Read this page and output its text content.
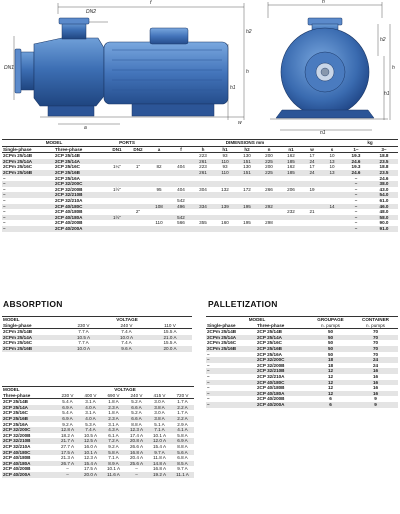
DN2
DN1
f
a
w
h1
h2
h
n
n1
h
h1
h2
MODEL		PORTS		DIMENSIONS mm									kg	
Single-phase	Three-phase	DN1	DN2	a	f	h	h1	h2	n	n1	w	s	1~	3~
2CPm 25/14B	2CP 25/14B					223	93	130	200	162	17	10	19.3	18.8
2CPm 25/14A	2CP 25/14A					261	110	151	225	185	24	13	24.6	23.5
2CPm 25/16C	2CP 25/16C	1¼"	1"	82	404	223	93	130	200	162	17	10	19.3	18.8
2CPm 25/16B	2CP 25/16B					261	110	151	225	185	24	13	24.6	23.5
–	2CP 25/16A												–	24.6
–	2CP 32/200C												–	38.0
–	2CP 32/200B	1½"		95	404	304	132	172	266	206	19		–	43.0
–	2CP 32/210B												–	54.0
–	2CP 32/210A				542								–	61.0
–	2CP 40/180C			108	496	334	139	195	292			14	–	46.0
–	2CP 40/180B		2"							232	21		–	48.0
–	2CP 40/180A	1½"			542								–	58.0
–	2CP 40/200B			110	566	355	160	195	298				–	90.0
–	2CP 40/200A												–	91.0
ABSORPTION
MODEL	VOLTAGE		
Single-phase	230 V	240 V	110 V
2CPm 25/14B	7.7 A	7.4 A	15.5 A
2CPm 25/14A	10.5 A	10.0 A	21.0 A
2CPm 25/16C	7.7 A	7.4 A	15.5 A
2CPm 25/16B	10.0 A	9.6 A	20.0 A
MODEL	VOLTAGE					
Three-phase	230 V	400 V	690 V	240 V	415 V	720 V
2CP 25/14B	5.4 A	3.1 A	1.8 A	5.2 A	3.0 A	1.7 A
2CP 25/14A	6.9 A	4.0 A	2.3 A	6.6 A	3.8 A	2.2 A
2CP 25/16C	5.4 A	3.1 A	1.8 A	5.2 A	3.0 A	1.7 A
2CP 25/16B	6.9 A	4.0 A	2.3 A	6.6 A	3.8 A	2.2 A
2CP 25/16A	9.2 A	5.3 A	3.1 A	8.8 A	5.1 A	2.9 A
2CP 32/200C	12.8 A	7.4 A	4.3 A	12.3 A	7.1 A	4.1 A
2CP 32/200B	18.2 A	10.5 A	6.1 A	17.4 A	10.1 A	5.8 A
2CP 32/210B	21.7 A	12.5 A	7.2 A	20.8 A	12.0 A	6.9 A
2CP 32/210A	27.7 A	16.0 A	9.2 A	26.6 A	15.4 A	8.8 A
2CP 40/180C	17.5 A	10.1 A	5.8 A	16.8 A	9.7 A	5.6 A
2CP 40/180B	21.3 A	12.3 A	7.1 A	20.4 A	11.8 A	6.8 A
2CP 40/180A	26.7 A	15.4 A	8.9 A	25.6 A	14.8 A	8.5 A
2CP 40/200B	–	17.5 A	10.1 A	–	16.8 A	9.7 A
2CP 40/200A	–	20.0 A	11.6 A	–	19.2 A	11.1 A
PALLETIZATION
MODEL		GROUPAGE	CONTAINER
Single-phase	Three-phase	n. pumps	n. pumps
2CPm 25/14B	2CP 25/14B	50	70
2CPm 25/14A	2CP 25/14A	50	70
2CPm 25/16C	2CP 25/16C	50	70
2CPm 25/16B	2CP 25/16B	50	70
–	2CP 25/16A	50	70
–	2CP 32/200C	18	24
–	2CP 32/200B	18	24
–	2CP 32/210B	12	16
–	2CP 32/210A	12	16
–	2CP 40/180C	12	16
–	2CP 40/180B	12	16
–	2CP 40/180A	12	16
–	2CP 40/200B	6	9
–	2CP 40/200A	6	9
